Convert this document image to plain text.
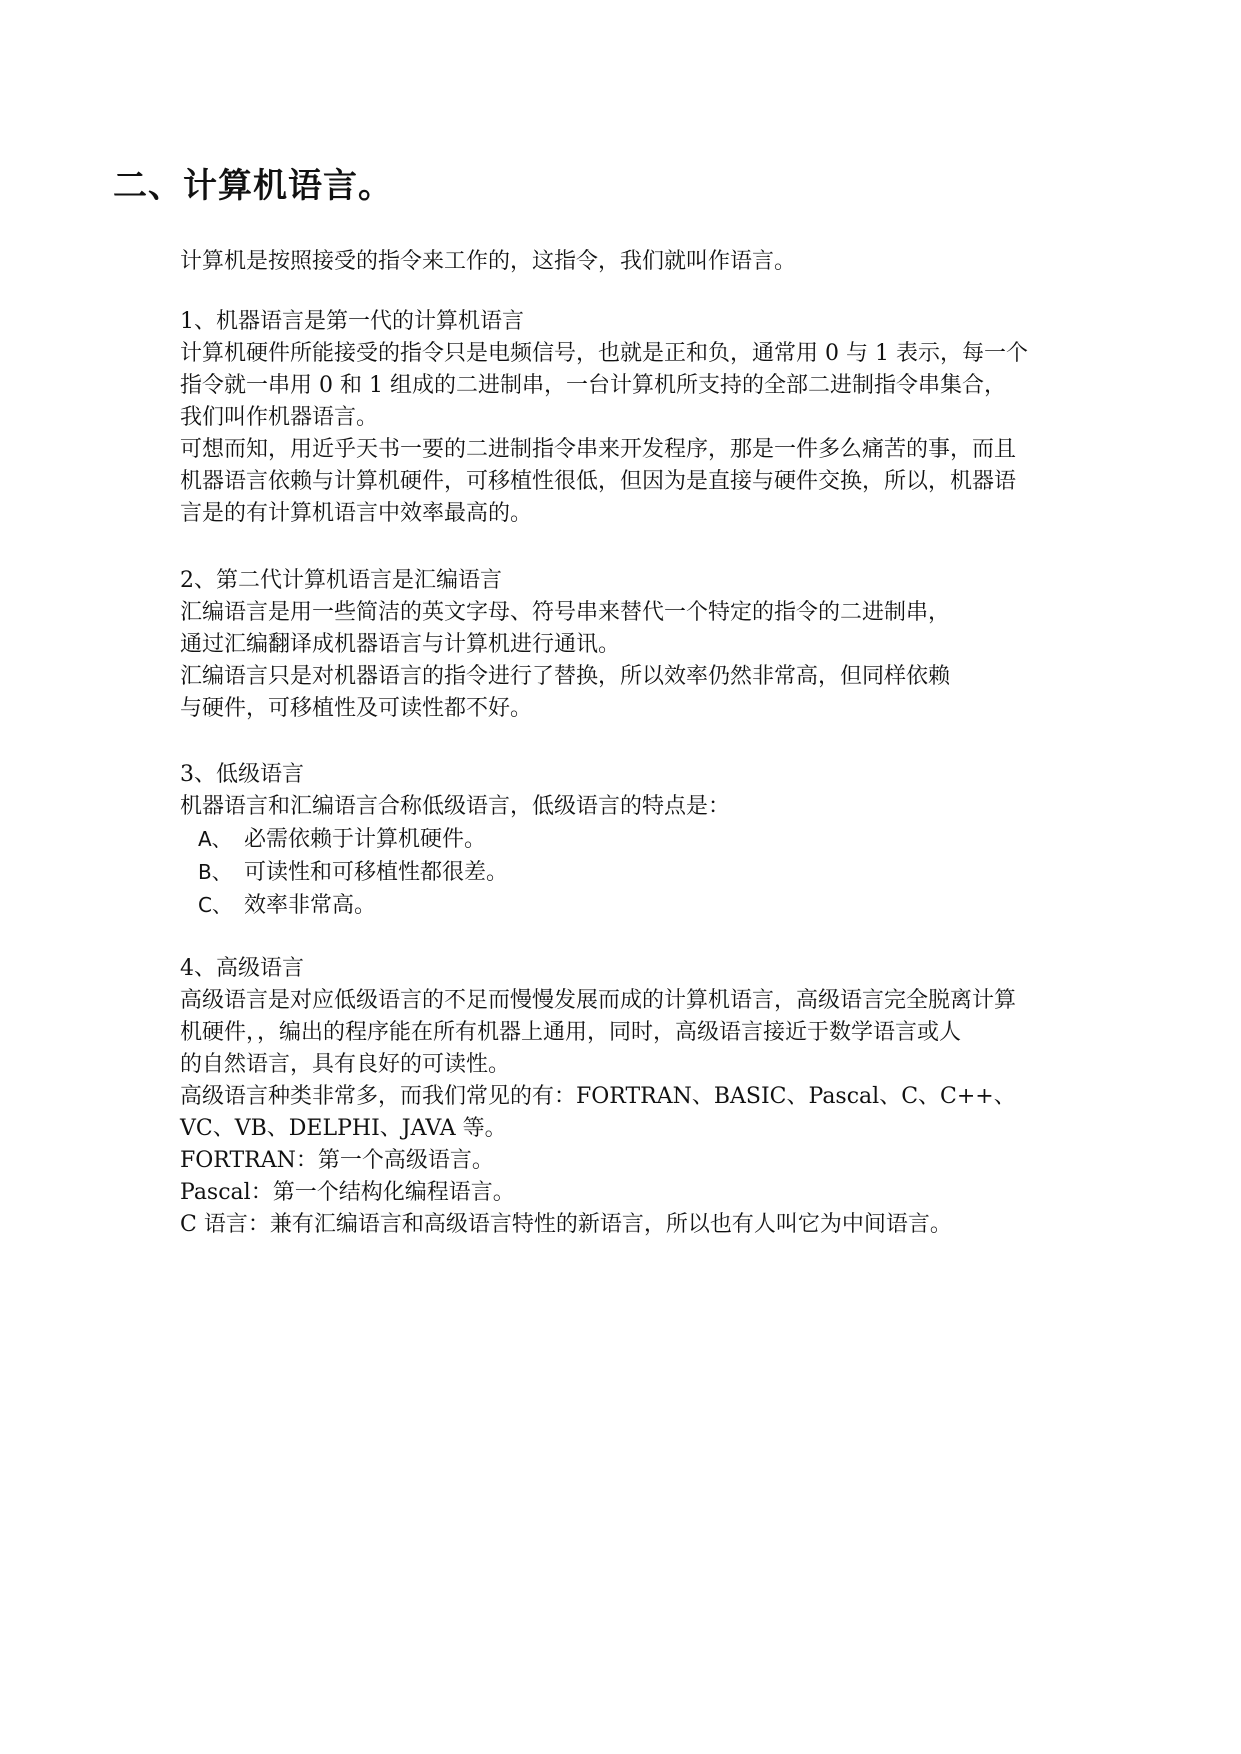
二、计算机语言。

计算机是按照接受的指令来工作的，这指令，我们就叫作语言。

1、机器语言是第一代的计算机语言

计算机硬件所能接受的指令只是电频信号，也就是正和负，通常用 0 与 1 表示，每一个

指令就一串用 0 和 1 组成的二进制串，一台计算机所支持的全部二进制指令串集合，

我们叫作机器语言。

可想而知，用近乎天书一要的二进制指令串来开发程序，那是一件多么痛苦的事，而且

机器语言依赖与计算机硬件，可移植性很低，但因为是直接与硬件交换，所以，机器语

言是的有计算机语言中效率最高的。

2、第二代计算机语言是汇编语言

汇编语言是用一些简洁的英文字母、符号串来替代一个特定的指令的二进制串，

通过汇编翻译成机器语言与计算机进行通讯。

汇编语言只是对机器语言的指令进行了替换，所以效率仍然非常高，但同样依赖

与硬件，可移植性及可读性都不好。

3、低级语言

机器语言和汇编语言合称低级语言，低级语言的特点是：

A、 必需依赖于计算机硬件。
B、 可读性和可移植性都很差。
C、 效率非常高。

4、高级语言

高级语言是对应低级语言的不足而慢慢发展而成的计算机语言，高级语言完全脱离计算

机硬件，，编出的程序能在所有机器上通用，同时，高级语言接近于数学语言或人

的自然语言，具有良好的可读性。

高级语言种类非常多，而我们常见的有：FORTRAN、BASIC、Pascal、C、C++、

VC、VB、DELPHI、JAVA 等。

FORTRAN：第一个高级语言。

Pascal：第一个结构化编程语言。

C 语言：兼有汇编语言和高级语言特性的新语言，所以也有人叫它为中间语言。
